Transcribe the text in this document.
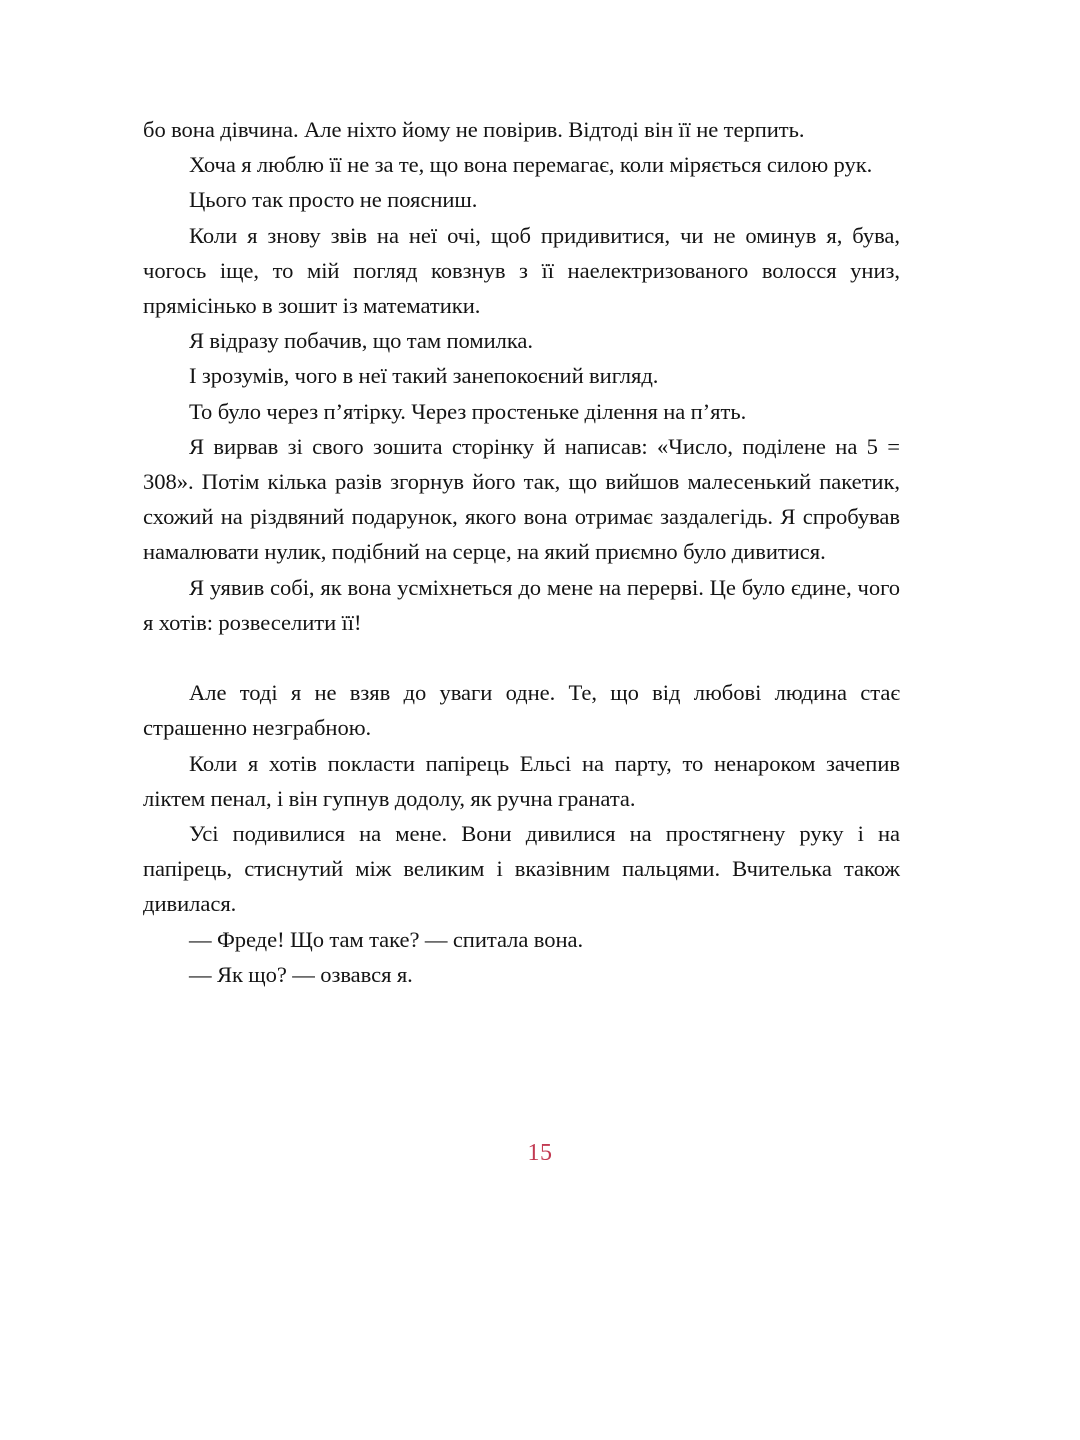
бо вона дівчина. Але ніхто йому не повірив. Відтоді він її не терпить.

Хоча я люблю її не за те, що вона перемагає, коли міряється силою рук.

Цього так просто не поясниш.

Коли я знову звів на неї очі, щоб придивитися, чи не оминув я, бува, чогось іще, то мій погляд ковзнув з її наелектризованого волосся униз, прямісінько в зошит із математики.

Я відразу побачив, що там помилка.

І зрозумів, чого в неї такий занепокоєний вигляд.

То було через п’ятірку. Через простеньке ділення на п’ять.

Я вирвав зі свого зошита сторінку й написав: «Число, поділене на 5 = 308». Потім кілька разів згорнув його так, що вийшов малесенький пакетик, схожий на різдвяний подарунок, якого вона отримає заздалегідь. Я спробував намалювати нулик, подібний на серце, на який приємно було дивитися.

Я уявив собі, як вона усміхнеться до мене на перерві. Це було єдине, чого я хотів: розвеселити її!

Але тоді я не взяв до уваги одне. Те, що від любові людина стає страшенно незграбною.

Коли я хотів покласти папірець Ельсі на парту, то ненароком зачепив ліктем пенал, і він гупнув додолу, як ручна граната.

Усі подивилися на мене. Вони дивилися на простягнену руку і на папірець, стиснутий між великим і вказівним пальцями. Вчителька також дивилася.

— Фреде! Що там таке? — спитала вона.

— Як що? — озвався я.

15
